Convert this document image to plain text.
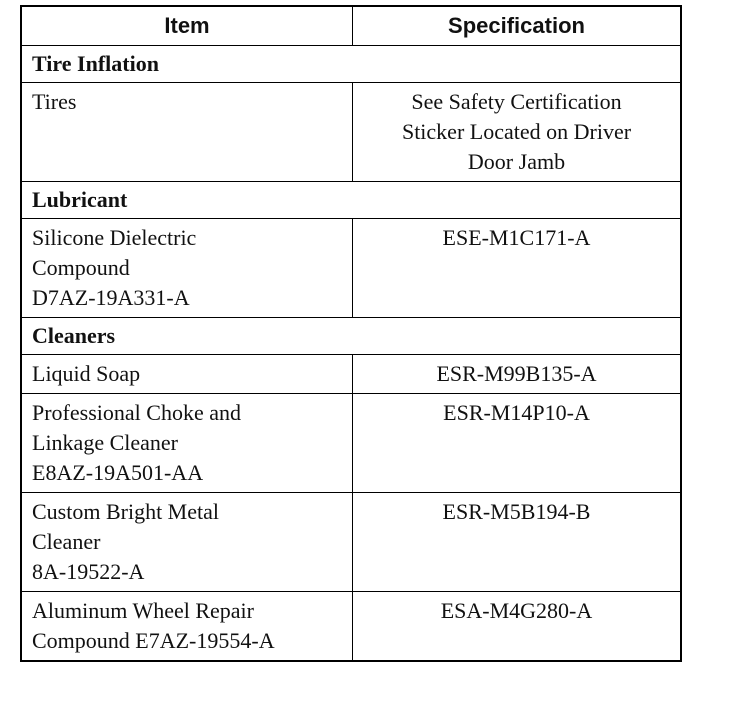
Item	Specification
Tire Inflation	

Tires	See Safety Certification
Sticker Located on Driver
Door Jamb

Lubricant	

Silicone Dielectric
Compound
D7AZ-19A331-A	ESE-M1C171-A

Cleaners	

Liquid Soap	ESR-M99B135-A

Professional Choke and
Linkage Cleaner
E8AZ-19A501-AA	ESR-M14P10-A

Custom Bright Metal
Cleaner
8A-19522-A	ESR-M5B194-B

Aluminum Wheel Repair
Compound E7AZ-19554-A	ESA-M4G280-A
